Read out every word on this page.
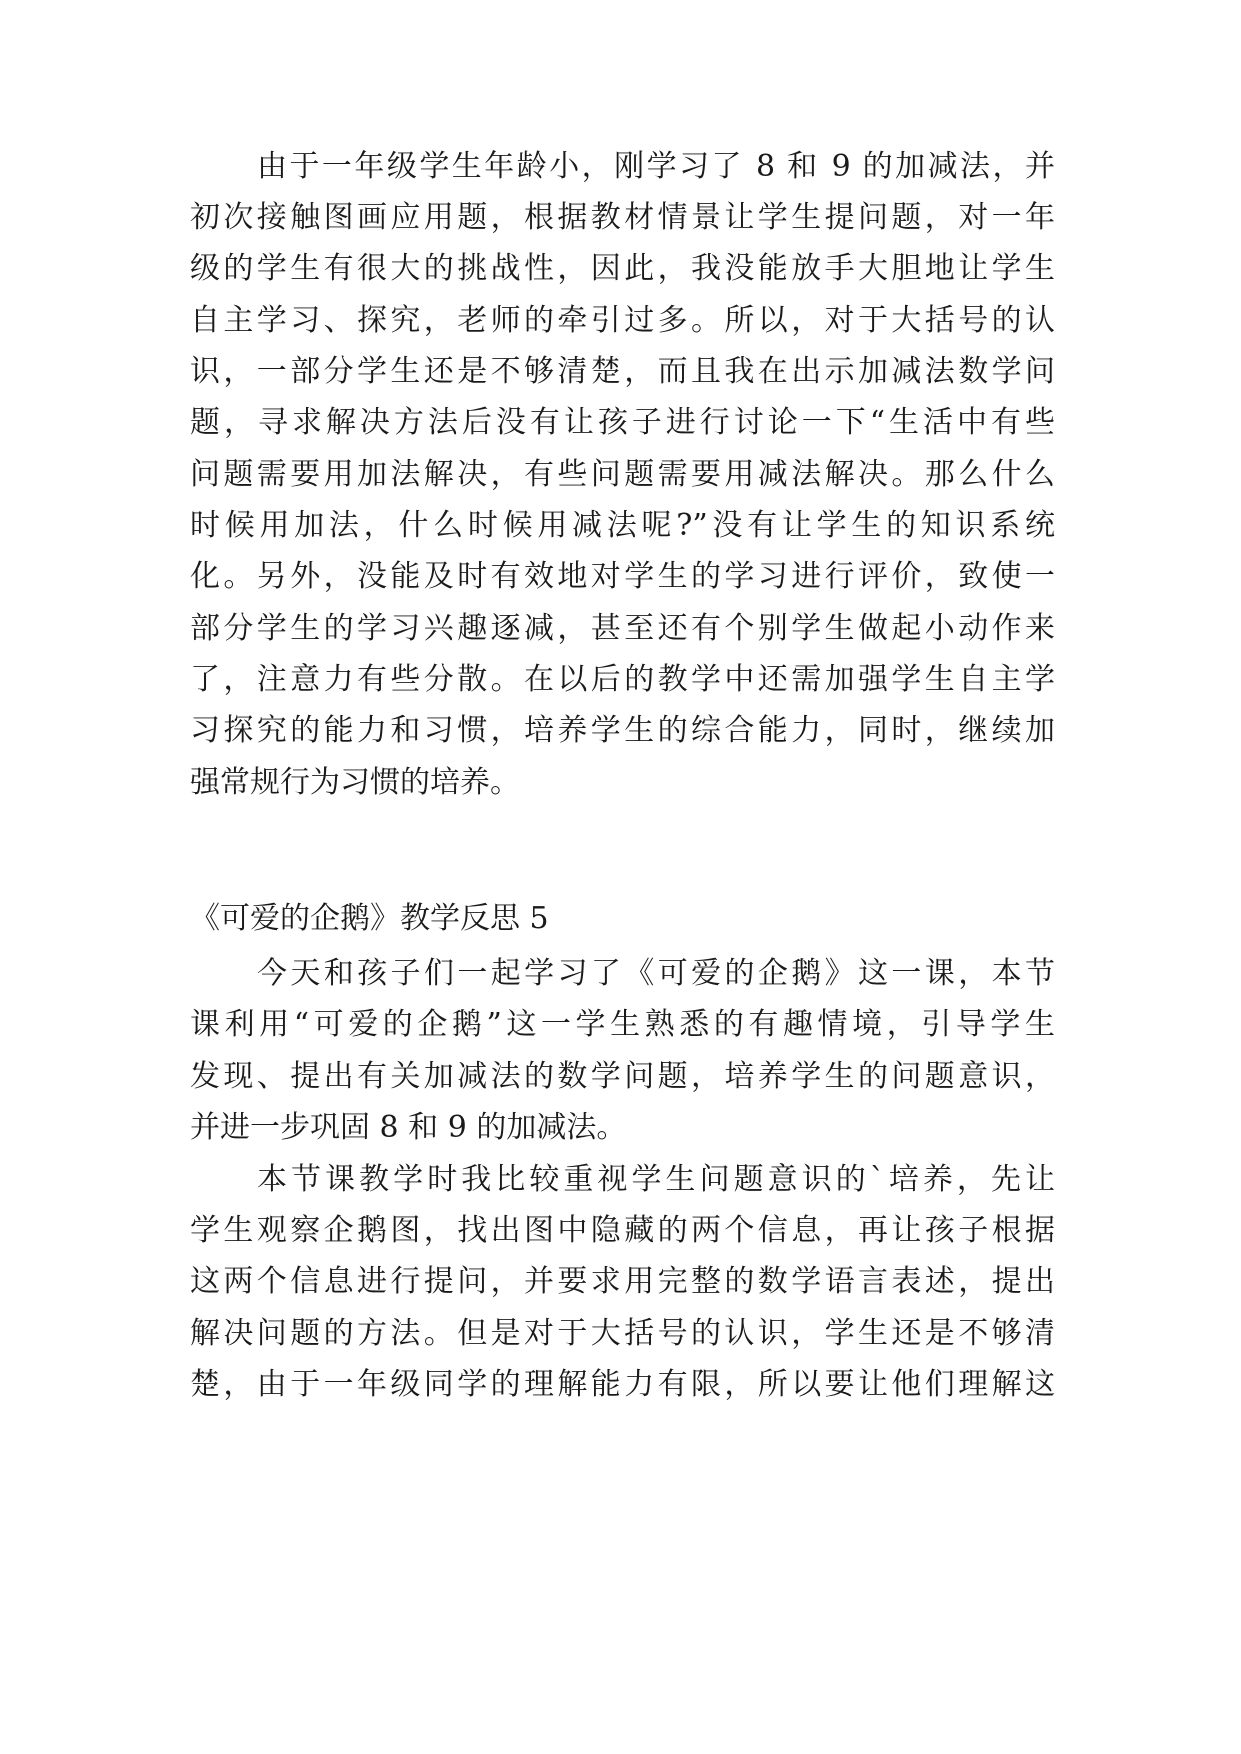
由于一年级学生年龄小，刚学习了 8 和 9 的加减法，并

初次接触图画应用题，根据教材情景让学生提问题，对一年

级的学生有很大的挑战性，因此，我没能放手大胆地让学生

自主学习、探究，老师的牵引过多。所以，对于大括号的认

识，一部分学生还是不够清楚，而且我在出示加减法数学问

题，寻求解决方法后没有让孩子进行讨论一下“生活中有些

问题需要用加法解决，有些问题需要用减法解决。那么什么

时候用加法，什么时候用减法呢?”没有让学生的知识系统

化。另外，没能及时有效地对学生的学习进行评价，致使一

部分学生的学习兴趣逐减，甚至还有个别学生做起小动作来

了，注意力有些分散。在以后的教学中还需加强学生自主学

习探究的能力和习惯，培养学生的综合能力，同时，继续加

强常规行为习惯的培养。

《可爱的企鹅》教学反思 5

今天和孩子们一起学习了《可爱的企鹅》这一课，本节

课利用“可爱的企鹅”这一学生熟悉的有趣情境，引导学生

发现、提出有关加减法的数学问题，培养学生的问题意识，

并进一步巩固 8 和 9 的加减法。

本节课教学时我比较重视学生问题意识的`培养，先让

学生观察企鹅图，找出图中隐藏的两个信息，再让孩子根据

这两个信息进行提问，并要求用完整的数学语言表述，提出

解决问题的方法。但是对于大括号的认识，学生还是不够清

楚，由于一年级同学的理解能力有限，所以要让他们理解这
